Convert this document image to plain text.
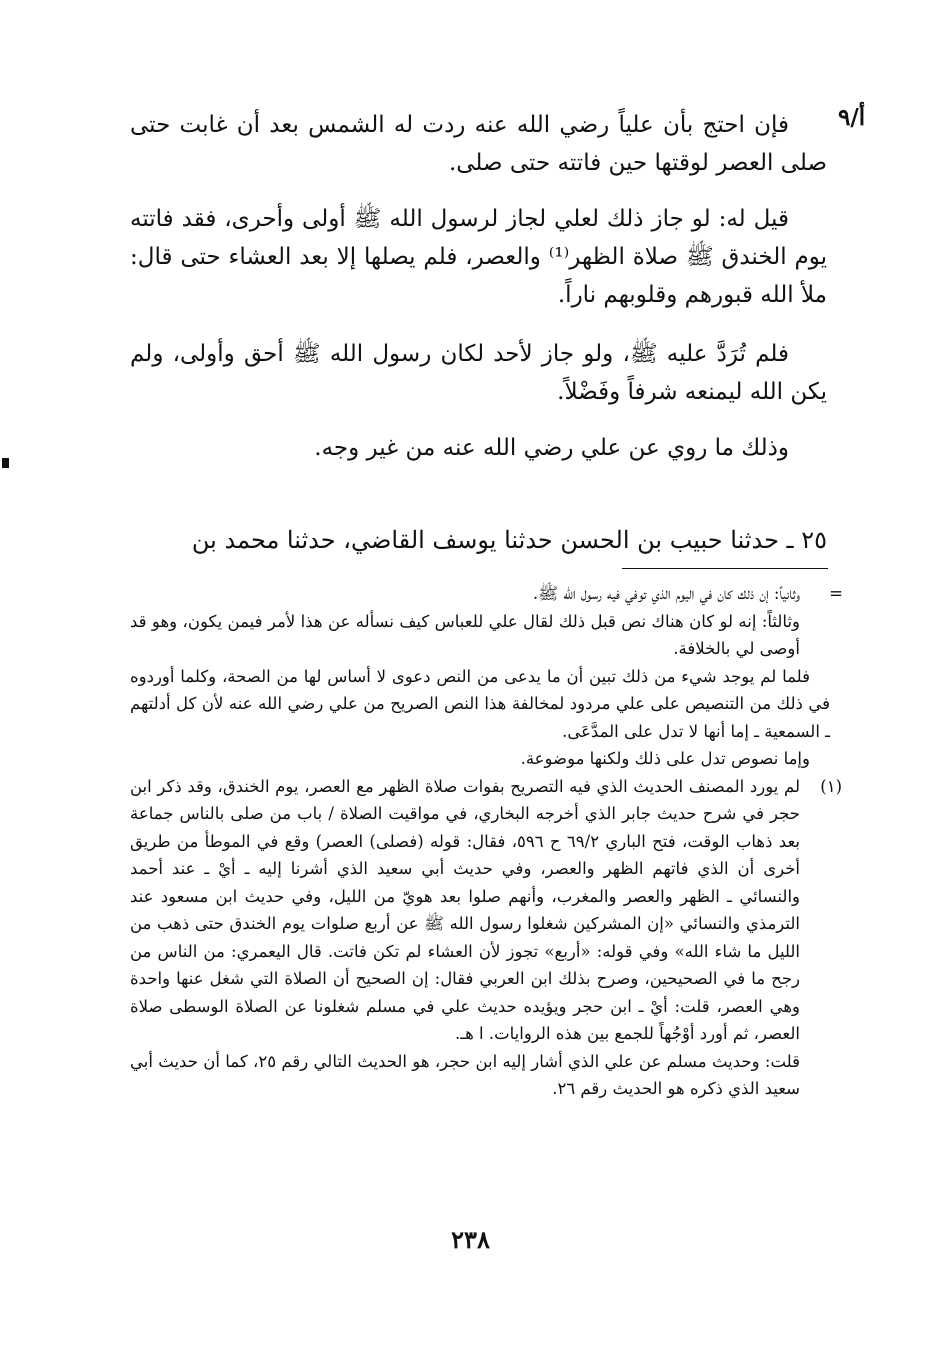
أ/٩

فإن احتج بأن علياً رضي الله عنه ردت له الشمس بعد أن غابت حتى صلى العصر لوقتها حين فاتته حتى صلى.

قيل له: لو جاز ذلك لعلي لجاز لرسول الله ﷺ أولى وأحرى، فقد فاتته يوم الخندق ﷺ صلاة الظهر⁽¹⁾ والعصر، فلم يصلها إلا بعد العشاء حتى قال: ملأ الله قبورهم وقلوبهم ناراً.

فلم تُرَدَّ عليه ﷺ، ولو جاز لأحد لكان رسول الله ﷺ أحق وأولى، ولم يكن الله ليمنعه شرفاً وفَضْلاً.

وذلك ما روي عن علي رضي الله عنه من غير وجه.

٢٥ ـ حدثنا حبيب بن الحسن حدثنا يوسف القاضي، حدثنا محمد بن

=
وثانياً: إن ذلك كان في اليوم الذي توفي فيه رسول الله ﷺ.

وثالثاً: إنه لو كان هناك نص قبل ذلك لقال علي للعباس كيف نسأله عن هذا لأمر فيمن يكون، وهو قد أوصى لي بالخلافة.

فلما لم يوجد شيء من ذلك تبين أن ما يدعى من النص دعوى لا أساس لها من الصحة، وكلما أوردوه في ذلك من التنصيص على علي مردود لمخالفة هذا النص الصريح من علي رضي الله عنه لأن كل أدلتهم ـ السمعية ـ إما أنها لا تدل على المدَّعَى.

وإما نصوص تدل على ذلك ولكنها موضوعة.

(١)
لم يورد المصنف الحديث الذي فيه التصريح بفوات صلاة الظهر مع العصر، يوم الخندق، وقد ذكر ابن حجر في شرح حديث جابر الذي أخرجه البخاري، في مواقيت الصلاة / باب من صلى بالناس جماعة بعد ذهاب الوقت، فتح الباري ٦٩/٢ ح ٥٩٦، فقال: قوله (فصلى) العصر) وقع في الموطأ من طريق أخرى أن الذي فاتهم الظهر والعصر، وفي حديث أبي سعيد الذي أشرنا إليه ـ أيْ ـ عند أحمد والنسائي ـ الظهر والعصر والمغرب، وأنهم صلوا بعد هويّ من الليل، وفي حديث ابن مسعود عند الترمذي والنسائي «إن المشركين شغلوا رسول الله ﷺ عن أربع صلوات يوم الخندق حتى ذهب من الليل ما شاء الله» وفي قوله: «أربع» تجوز لأن العشاء لم تكن فاتت. قال اليعمري: من الناس من رجح ما في الصحيحين، وصرح بذلك ابن العربي فقال: إن الصحيح أن الصلاة التي شغل عنها واحدة وهي العصر، قلت: أيْ ـ ابن حجر ويؤيده حديث علي في مسلم شغلونا عن الصلاة الوسطى صلاة العصر، ثم أورد أوْجُهاً للجمع بين هذه الروايات. ا هـ.

قلت: وحديث مسلم عن علي الذي أشار إليه ابن حجر، هو الحديث التالي رقم ٢٥، كما أن حديث أبي سعيد الذي ذكره هو الحديث رقم ٢٦.

٢٣٨
